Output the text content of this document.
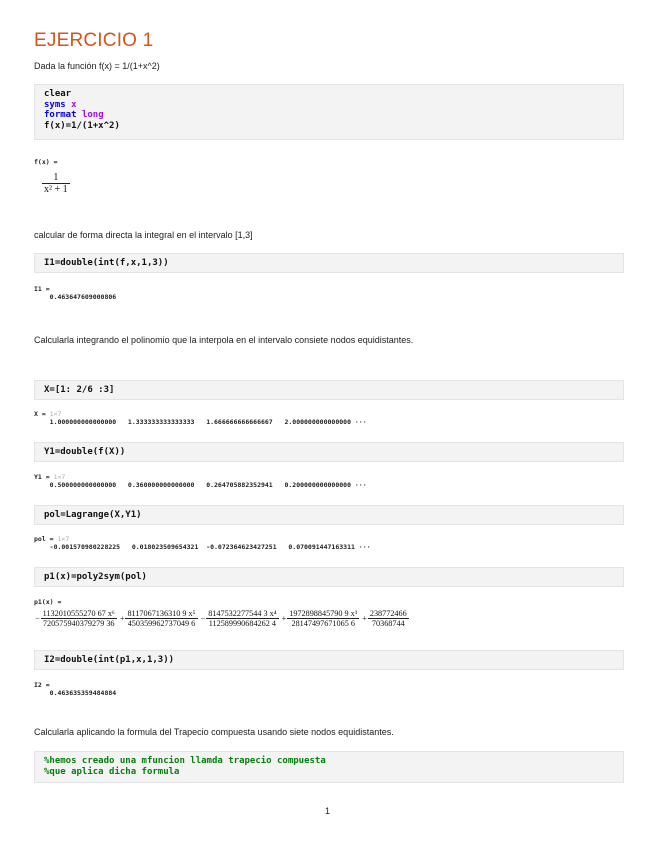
EJERCICIO 1
Dada la función f(x) = 1/(1+x^2)
clear
syms x
format long
f(x)=1/(1+x^2)
f(x) =
$\frac{1}{\text{x² + 1}}$
calcular de forma directa la integral en el intervalo [1,3]
I1=double(int(f,x,1,3))
I1 =
0.463647609000806
Calcularla integrando el polinomio que la interpola en el intervalo consiete nodos equidistantes.
X=[1: 2/6 :3]
X = 1×7
1.000000000000000   1.333333333333333   1.666666666666667   2.000000000000000 ···
Y1=double(f(X))
Y1 = 1×7
0.500000000000000   0.360000000000000   0.264705882352941   0.200000000000000 ···
pol=Lagrange(X,Y1)
pol = 1×7
-0.001570980228225   0.018023509654321  -0.072364623427251   0.070091447163311 ···
p1(x)=poly2sym(pol)
p1(x) =
− $\frac{\text{1132010555270 67 x⁶}}{720575940379279 36} + \frac{\text{8117067136310 9 x⁵}}{450359962737049 6} - \frac{\text{8147532277544 3 x⁴}}{112589990684262 4} + \frac{\text{1972898845790 9 x³}}{28147497671065 6} + \frac{238772466}{70368744}$
I2=double(int(p1,x,1,3))
I2 =
0.463635359484884
Calcularla aplicando la formula del Trapecio compuesta usando siete nodos equidistantes.
%hemos creado una mfuncion llamda trapecio compuesta
%que aplica dicha formula
1
